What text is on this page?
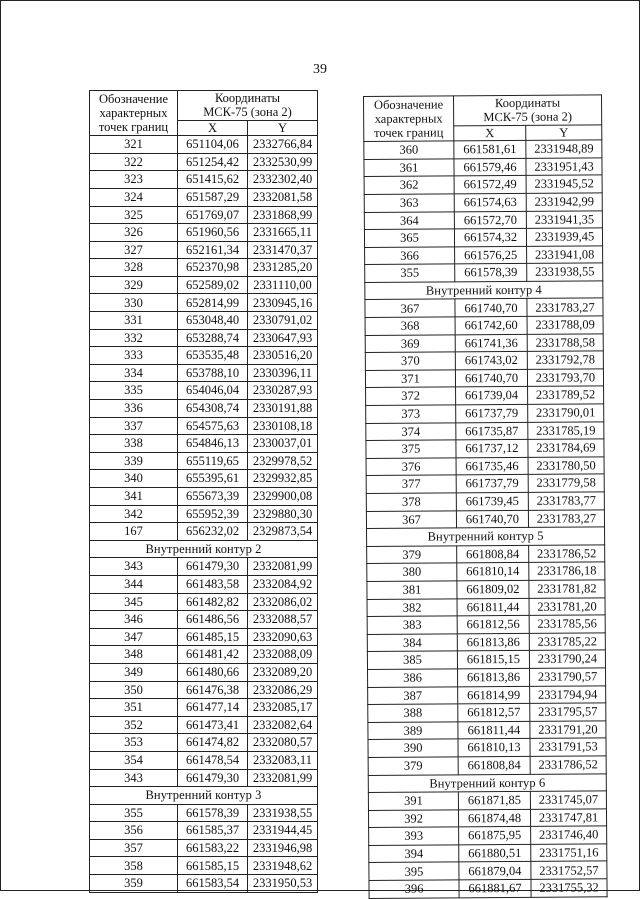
39
Обозначение
характерных
точек границ	Координаты
МСК-75 (зона 2)	
	X	Y
321	651104,06	2332766,84
322	651254,42	2332530,99
323	651415,62	2332302,40
324	651587,29	2332081,58
325	651769,07	2331868,99
326	651960,56	2331665,11
327	652161,34	2331470,37
328	652370,98	2331285,20
329	652589,02	2331110,00
330	652814,99	2330945,16
331	653048,40	2330791,02
332	653288,74	2330647,93
333	653535,48	2330516,20
334	653788,10	2330396,11
335	654046,04	2330287,93
336	654308,74	2330191,88
337	654575,63	2330108,18
338	654846,13	2330037,01
339	655119,65	2329978,52
340	655395,61	2329932,85
341	655673,39	2329900,08
342	655952,39	2329880,30
167	656232,02	2329873,54
Внутренний контур 2		
343	661479,30	2332081,99
344	661483,58	2332084,92
345	661482,82	2332086,02
346	661486,56	2332088,57
347	661485,15	2332090,63
348	661481,42	2332088,09
349	661480,66	2332089,20
350	661476,38	2332086,29
351	661477,14	2332085,17
352	661473,41	2332082,64
353	661474,82	2332080,57
354	661478,54	2332083,11
343	661479,30	2332081,99
Внутренний контур 3		
355	661578,39	2331938,55
356	661585,37	2331944,45
357	661583,22	2331946,98
358	661585,15	2331948,62
359	661583,54	2331950,53
Обозначение
характерных
точек границ	Координаты
МСК-75 (зона 2)	
	X	Y
360	661581,61	2331948,89
361	661579,46	2331951,43
362	661572,49	2331945,52
363	661574,63	2331942,99
364	661572,70	2331941,35
365	661574,32	2331939,45
366	661576,25	2331941,08
355	661578,39	2331938,55
Внутренний контур 4		
367	661740,70	2331783,27
368	661742,60	2331788,09
369	661741,36	2331788,58
370	661743,02	2331792,78
371	661740,70	2331793,70
372	661739,04	2331789,52
373	661737,79	2331790,01
374	661735,87	2331785,19
375	661737,12	2331784,69
376	661735,46	2331780,50
377	661737,79	2331779,58
378	661739,45	2331783,77
367	661740,70	2331783,27
Внутренний контур 5		
379	661808,84	2331786,52
380	661810,14	2331786,18
381	661809,02	2331781,82
382	661811,44	2331781,20
383	661812,56	2331785,56
384	661813,86	2331785,22
385	661815,15	2331790,24
386	661813,86	2331790,57
387	661814,99	2331794,94
388	661812,57	2331795,57
389	661811,44	2331791,20
390	661810,13	2331791,53
379	661808,84	2331786,52
Внутренний контур 6		
391	661871,85	2331745,07
392	661874,48	2331747,81
393	661875,95	2331746,40
394	661880,51	2331751,16
395	661879,04	2331752,57
396	661881,67	2331755,32
